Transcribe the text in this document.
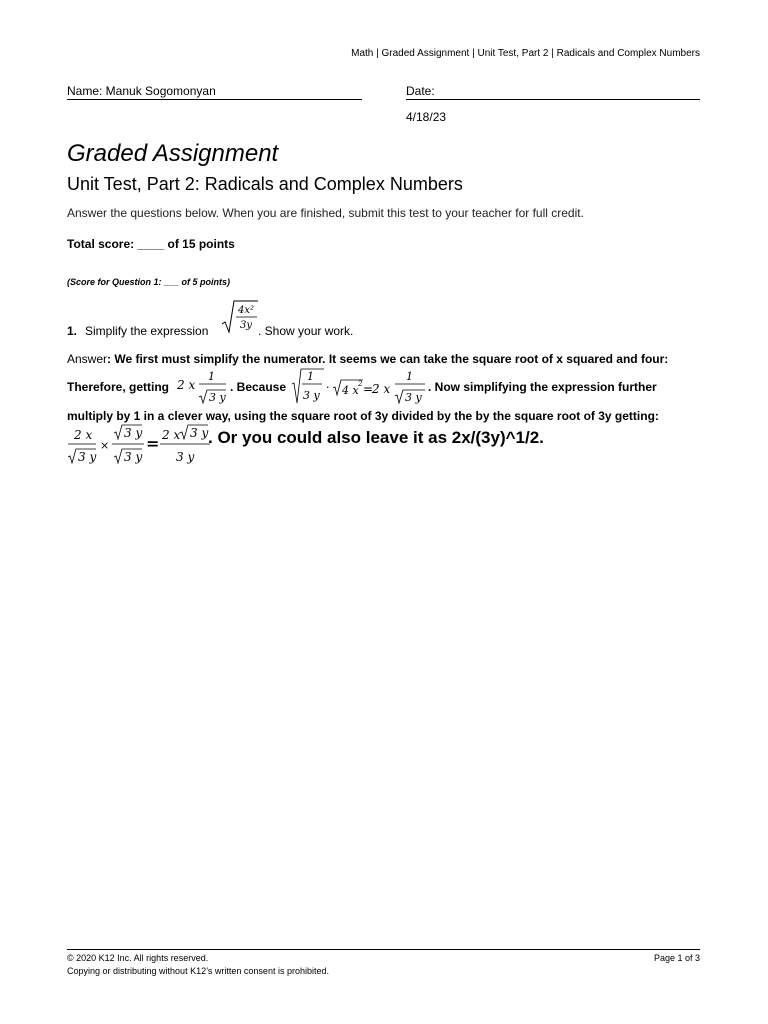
Math | Graded Assignment | Unit Test, Part 2 | Radicals and Complex Numbers
Name: Manuk Sogomonyan	Date:
4/18/23
Graded Assignment
Unit Test, Part 2: Radicals and Complex Numbers
Answer the questions below. When you are finished, submit this test to your teacher for full credit.
Total score: ____ of 15 points
(Score for Question 1: ___ of 5 points)
1. Simplify the expression
4x²
3y . Show your work.
Answer: We first must simplify the numerator. It seems we can take the square root of x squared and four:
Therefore, getting 2 x
1
3 y
. Because
1
3 y
· 4 x 2 =
2 x
1
3 y
. Now simplifying the expression further
multiply by 1 in a clever way, using the square root of 3y divided by the by the square root of 3y getting:
2 x
3 y
×
3 y
3 y
= 2 x 3 y
3 y
. Or you could also leave it as 2x/(3y)^1/2.
© 2020 K12 Inc. All rights reserved.
Copying or distributing without K12’s written consent is prohibited.
Page 1 of 3
